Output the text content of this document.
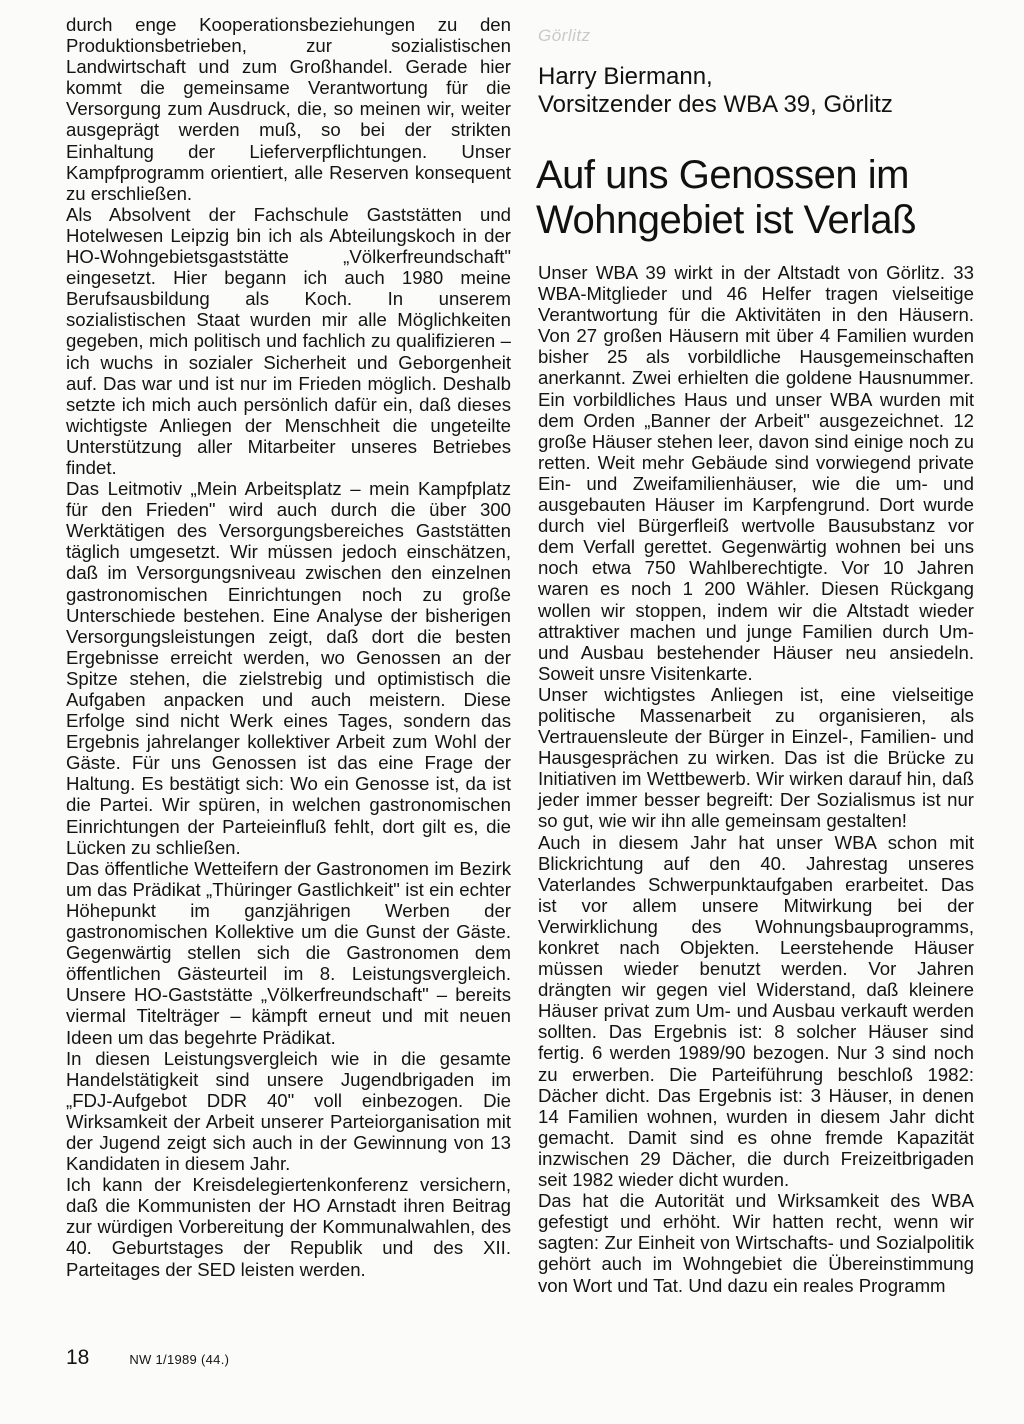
durch enge Kooperationsbeziehungen zu den Produktionsbetrieben, zur sozialistischen Landwirtschaft und zum Großhandel. Gerade hier kommt die gemeinsame Verantwortung für die Versorgung zum Ausdruck, die, so meinen wir, weiter ausgeprägt werden muß, so bei der strikten Einhaltung der Lieferverpflichtungen. Unser Kampfprogramm orientiert, alle Reserven konsequent zu erschließen.

Als Absolvent der Fachschule Gaststätten und Hotelwesen Leipzig bin ich als Abteilungskoch in der HO-Wohngebietsgaststätte „Völkerfreundschaft" eingesetzt. Hier begann ich auch 1980 meine Berufsausbildung als Koch. In unserem sozialistischen Staat wurden mir alle Möglichkeiten gegeben, mich politisch und fachlich zu qualifizieren – ich wuchs in sozialer Sicherheit und Geborgenheit auf. Das war und ist nur im Frieden möglich. Deshalb setzte ich mich auch persönlich dafür ein, daß dieses wichtigste Anliegen der Menschheit die ungeteilte Unterstützung aller Mitarbeiter unseres Betriebes findet.

Das Leitmotiv „Mein Arbeitsplatz – mein Kampfplatz für den Frieden" wird auch durch die über 300 Werktätigen des Versorgungsbereiches Gaststätten täglich umgesetzt. Wir müssen jedoch einschätzen, daß im Versorgungsniveau zwischen den einzelnen gastronomischen Einrichtungen noch zu große Unterschiede bestehen. Eine Analyse der bisherigen Versorgungsleistungen zeigt, daß dort die besten Ergebnisse erreicht werden, wo Genossen an der Spitze stehen, die zielstrebig und optimistisch die Aufgaben anpacken und auch meistern. Diese Erfolge sind nicht Werk eines Tages, sondern das Ergebnis jahrelanger kollektiver Arbeit zum Wohl der Gäste. Für uns Genossen ist das eine Frage der Haltung. Es bestätigt sich: Wo ein Genosse ist, da ist die Partei. Wir spüren, in welchen gastronomischen Einrichtungen der Parteieinfluß fehlt, dort gilt es, die Lücken zu schließen.

Das öffentliche Wetteifern der Gastronomen im Bezirk um das Prädikat „Thüringer Gastlichkeit" ist ein echter Höhepunkt im ganzjährigen Werben der gastronomischen Kollektive um die Gunst der Gäste. Gegenwärtig stellen sich die Gastronomen dem öffentlichen Gästeurteil im 8. Leistungsvergleich. Unsere HO-Gaststätte „Völkerfreundschaft" – bereits viermal Titelträger – kämpft erneut und mit neuen Ideen um das begehrte Prädikat.

In diesen Leistungsvergleich wie in die gesamte Handelstätigkeit sind unsere Jugendbrigaden im „FDJ-Aufgebot DDR 40" voll einbezogen. Die Wirksamkeit der Arbeit unserer Parteiorganisation mit der Jugend zeigt sich auch in der Gewinnung von 13 Kandidaten in diesem Jahr.

Ich kann der Kreisdelegiertenkonferenz versichern, daß die Kommunisten der HO Arnstadt ihren Beitrag zur würdigen Vorbereitung der Kommunalwahlen, des 40. Geburtstages der Republik und des XII. Parteitages der SED leisten werden.

Görlitz
Harry Biermann,
Vorsitzender des WBA 39, Görlitz
Auf uns Genossen im Wohngebiet ist Verlaß

Unser WBA 39 wirkt in der Altstadt von Görlitz. 33 WBA-Mitglieder und 46 Helfer tragen vielseitige Verantwortung für die Aktivitäten in den Häusern. Von 27 großen Häusern mit über 4 Familien wurden bisher 25 als vorbildliche Hausgemeinschaften anerkannt. Zwei erhielten die goldene Hausnummer. Ein vorbildliches Haus und unser WBA wurden mit dem Orden „Banner der Arbeit" ausgezeichnet. 12 große Häuser stehen leer, davon sind einige noch zu retten. Weit mehr Gebäude sind vorwiegend private Ein- und Zweifamilienhäuser, wie die um- und ausgebauten Häuser im Karpfengrund. Dort wurde durch viel Bürgerfleiß wertvolle Bausubstanz vor dem Verfall gerettet. Gegenwärtig wohnen bei uns noch etwa 750 Wahlberechtigte. Vor 10 Jahren waren es noch 1 200 Wähler. Diesen Rückgang wollen wir stoppen, indem wir die Altstadt wieder attraktiver machen und junge Familien durch Um- und Ausbau bestehender Häuser neu ansiedeln. Soweit unsre Visitenkarte.

Unser wichtigstes Anliegen ist, eine vielseitige politische Massenarbeit zu organisieren, als Vertrauensleute der Bürger in Einzel-, Familien- und Hausgesprächen zu wirken. Das ist die Brücke zu Initiativen im Wettbewerb. Wir wirken darauf hin, daß jeder immer besser begreift: Der Sozialismus ist nur so gut, wie wir ihn alle gemeinsam gestalten!

Auch in diesem Jahr hat unser WBA schon mit Blickrichtung auf den 40. Jahrestag unseres Vaterlandes Schwerpunktaufgaben erarbeitet. Das ist vor allem unsere Mitwirkung bei der Verwirklichung des Wohnungsbauprogramms, konkret nach Objekten. Leerstehende Häuser müssen wieder benutzt werden. Vor Jahren drängten wir gegen viel Widerstand, daß kleinere Häuser privat zum Um- und Ausbau verkauft werden sollten. Das Ergebnis ist: 8 solcher Häuser sind fertig. 6 werden 1989/90 bezogen. Nur 3 sind noch zu erwerben. Die Parteiführung beschloß 1982: Dächer dicht. Das Ergebnis ist: 3 Häuser, in denen 14 Familien wohnen, wurden in diesem Jahr dicht gemacht. Damit sind es ohne fremde Kapazität inzwischen 29 Dächer, die durch Freizeitbrigaden seit 1982 wieder dicht wurden.

Das hat die Autorität und Wirksamkeit des WBA gefestigt und erhöht. Wir hatten recht, wenn wir sagten: Zur Einheit von Wirtschafts- und Sozialpolitik gehört auch im Wohngebiet die Übereinstimmung von Wort und Tat. Und dazu ein reales Programm

18	NW 1/1989 (44.)
